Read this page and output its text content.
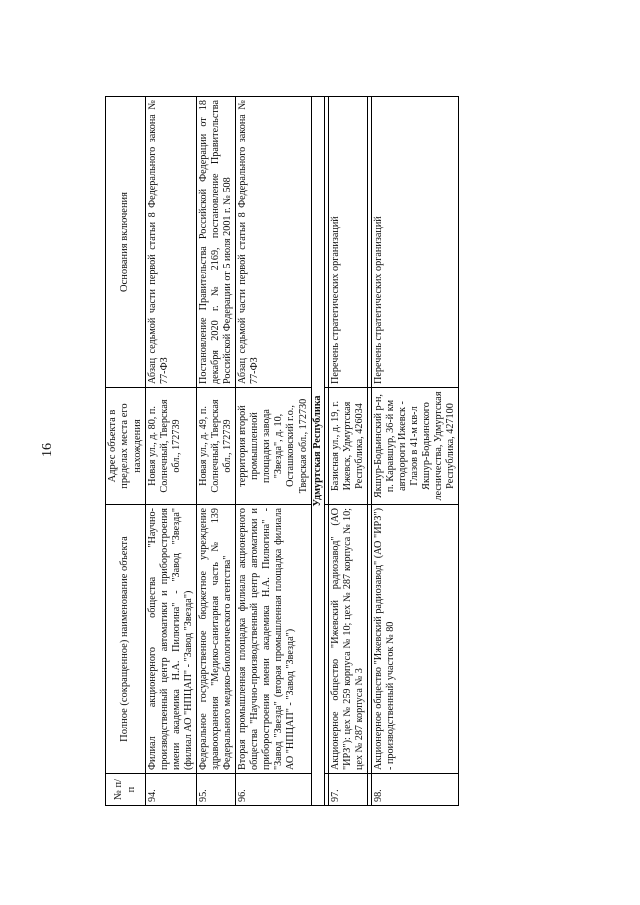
16
№ п/п	Полное (сокращенное) наименование объекта	Адрес объекта в пределах места его нахождения	Основания включения
94.	Филиал акционерного общества "Научно-производственный центр автоматики и приборостроения имени академика Н.А. Пилюгина" - "Завод "Звезда" (филиал АО "НПЦАП" - "Завод "Звезда")	Новая ул., д. 80, п. Солнечный, Тверская обл., 172739	Абзац седьмой части первой статьи 8 Федерального закона № 77-ФЗ
95.	Федеральное государственное бюджетное учреждение здравоохранения "Медико-санитарная часть № 139 Федерального медико-биологического агентства"	Новая ул., д. 49, п. Солнечный, Тверская обл., 172739	Постановление Правительства Российской Федерации от 18 декабря 2020 г. № 2169, постановление Правительства Российской Федерации от 5 июля 2001 г. № 508
96.	Вторая промышленная площадка филиала акционерного общества "Научно-производственный центр автоматики и приборостроения имени академика Н.А. Пилюгина" - "Завод "Звезда" (вторая промышленная площадка филиала АО "НПЦАП" - "Завод "Звезда")	территория второй промышленной площадки завода "Звезда", д. 10, Осташковский г.о., Тверская обл., 172730	Абзац седьмой части первой статьи 8 Федерального закона № 77-ФЗ
Удмуртская Республика			

97.	Акционерное общество "Ижевский радиозавод" (АО "ИРЗ"): цех № 259 корпуса № 10; цех № 287 корпуса № 10; цех № 287 корпуса № 3	Базисная ул., д. 19, г. Ижевск, Удмуртская Республика, 426034	Перечень стратегических организаций

98.	Акционерное общество "Ижевский радиозавод" (АО "ИРЗ") - производственный участок № 80	Якшур-Бодьинский р-н, п. Каравшур, 36-й км автодороги Ижевск - Глазов в 41-м кв-л Якшур-Бодьинского лесничества, Удмуртская Республика, 427100	Перечень стратегических организаций
